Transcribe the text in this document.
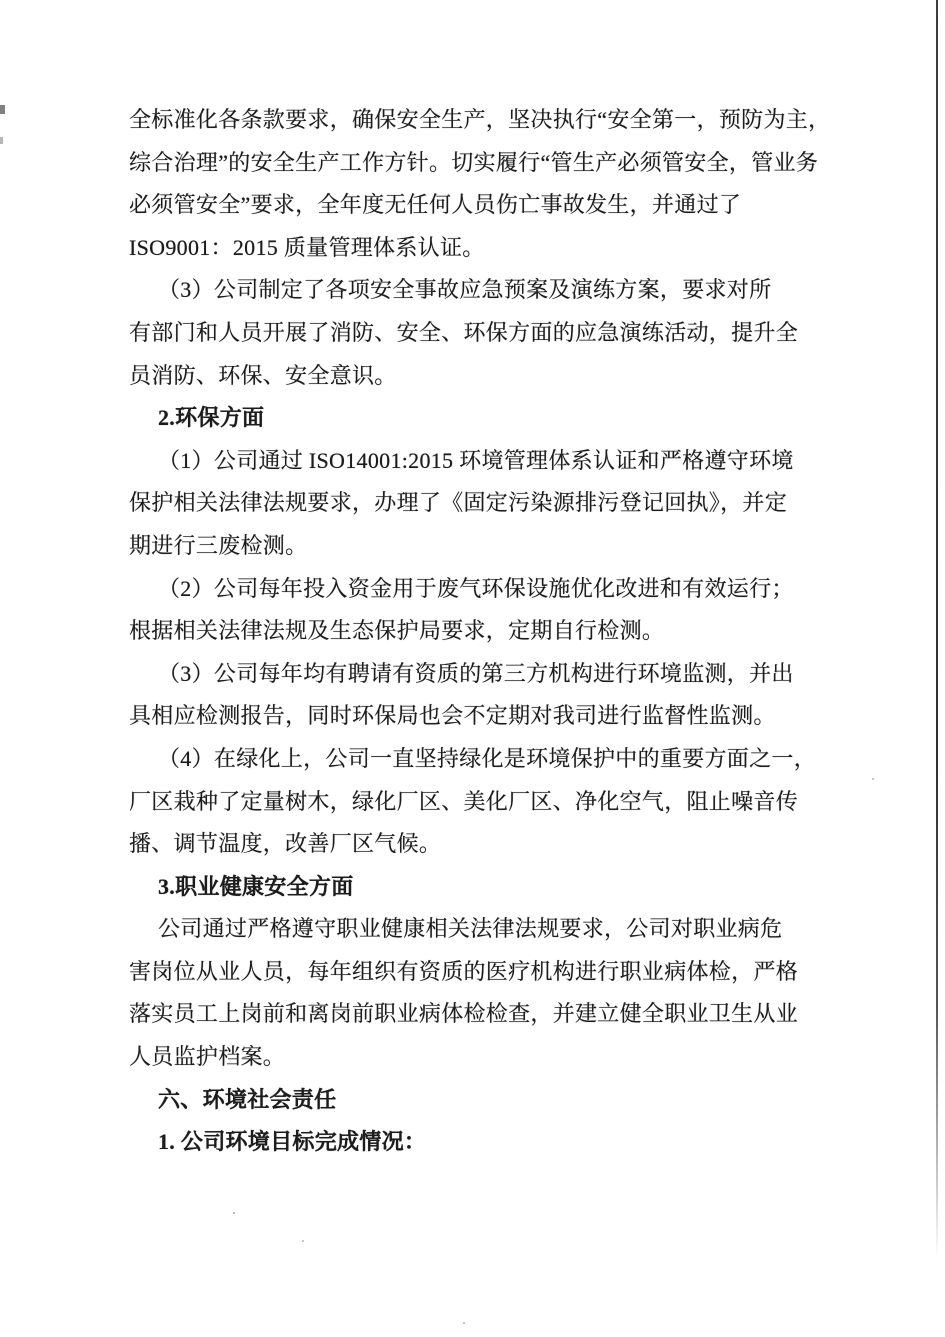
全标准化各条款要求，确保安全生产，坚决执行“安全第一，预防为主，
综合治理”的安全生产工作方针。切实履行“管生产必须管安全，管业务
必须管安全”要求，全年度无任何人员伤亡事故发生，并通过了
ISO9001：2015 质量管理体系认证。
（3）公司制定了各项安全事故应急预案及演练方案，要求对所
有部门和人员开展了消防、安全、环保方面的应急演练活动，提升全
员消防、环保、安全意识。
2.环保方面
（1）公司通过 ISO14001:2015 环境管理体系认证和严格遵守环境
保护相关法律法规要求，办理了《固定污染源排污登记回执》，并定
期进行三废检测。
（2）公司每年投入资金用于废气环保设施优化改进和有效运行；
根据相关法律法规及生态保护局要求，定期自行检测。
（3）公司每年均有聘请有资质的第三方机构进行环境监测，并出
具相应检测报告，同时环保局也会不定期对我司进行监督性监测。
（4）在绿化上，公司一直坚持绿化是环境保护中的重要方面之一，
厂区栽种了定量树木，绿化厂区、美化厂区、净化空气，阻止噪音传
播、调节温度，改善厂区气候。
3.职业健康安全方面
公司通过严格遵守职业健康相关法律法规要求，公司对职业病危
害岗位从业人员，每年组织有资质的医疗机构进行职业病体检，严格
落实员工上岗前和离岗前职业病体检检查，并建立健全职业卫生从业
人员监护档案。
六、环境社会责任
1. 公司环境目标完成情况：
